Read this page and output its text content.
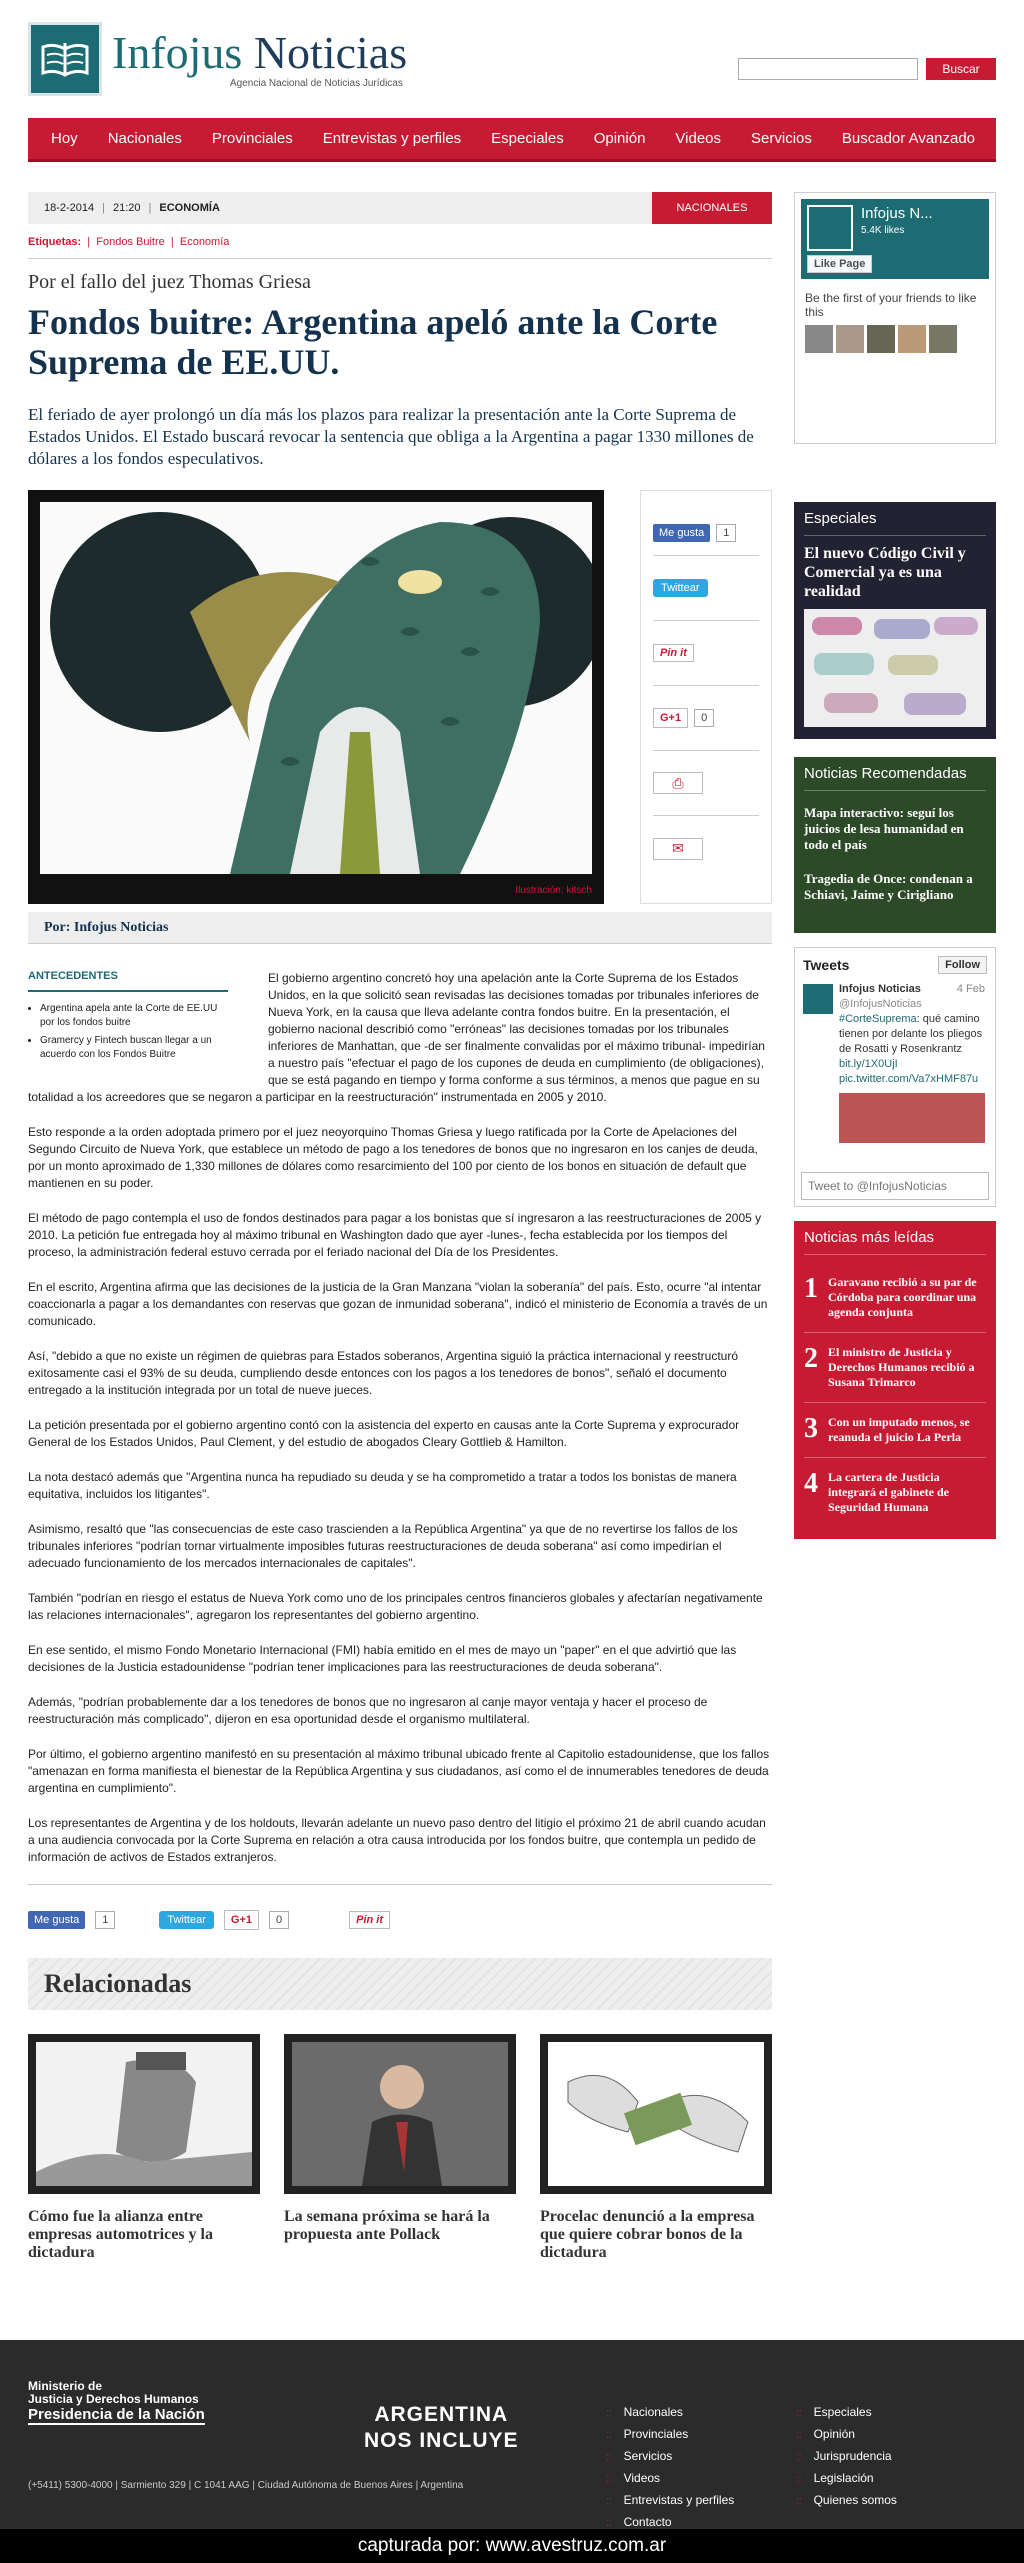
Infojus Noticias
Agencia Nacional de Noticias Jurídicas
Buscar
Hoy	Nacionales	Provinciales	Entrevistas y perfiles	Especiales	Opinión	Videos	Servicios	Buscador Avanzado
18-2-2014 | 21:20 | ECONOMÍA	NACIONALES
Etiquetas:  |  Fondos Buitre  |  Economía
Por el fallo del juez Thomas Griesa
Fondos buitre: Argentina apeló ante la Corte Suprema de EE.UU.
El feriado de ayer prolongó un día más los plazos para realizar la presentación ante la Corte Suprema de Estados Unidos. El Estado buscará revocar la sentencia que obliga a la Argentina a pagar 1330 millones de dólares a los fondos especulativos.
Ilustración: kitsch
Me gusta	1
Twittear
Pin it
G+1	0
⎙
✉
Por: Infojus Noticias
ANTECEDENTES
• Argentina apela ante la Corte de EE.UU por los fondos buitre
• Gramercy y Fintech buscan llegar a un acuerdo con los Fondos Buitre

El gobierno argentino concretó hoy una apelación ante la Corte Suprema de los Estados Unidos, en la que solicitó sean revisadas las decisiones tomadas por tribunales inferiores de Nueva York, en la causa que lleva adelante contra fondos buitre. En la presentación, el gobierno nacional describió como "erróneas" las decisiones tomadas por los tribunales inferiores de Manhattan, que -de ser finalmente convalidas por el máximo tribunal- impedirían a nuestro país "efectuar el pago de los cupones de deuda en cumplimiento (de obligaciones), que se está pagando en tiempo y forma conforme a sus términos, a menos que pague en su totalidad a los acreedores que se negaron a participar en la reestructuración" instrumentada en 2005 y 2010.

Esto responde a la orden adoptada primero por el juez neoyorquino Thomas Griesa y luego ratificada por la Corte de Apelaciones del Segundo Circuito de Nueva York, que establece un método de pago a los tenedores de bonos que no ingresaron en los canjes de deuda, por un monto aproximado de 1,330 millones de dólares como resarcimiento del 100 por ciento de los bonos en situación de default que mantienen en su poder.

El método de pago contempla el uso de fondos destinados para pagar a los bonistas que sí ingresaron a las reestructuraciones de 2005 y 2010. La petición fue entregada hoy al máximo tribunal en Washington dado que ayer -lunes-, fecha establecida por los tiempos del proceso, la administración federal estuvo cerrada por el feriado nacional del Día de los Presidentes.

En el escrito, Argentina afirma que las decisiones de la justicia de la Gran Manzana "violan la soberanía" del país. Esto, ocurre "al intentar coaccionarla a pagar a los demandantes con reservas que gozan de inmunidad soberana", indicó el ministerio de Economía a través de un comunicado.

Así, "debido a que no existe un régimen de quiebras para Estados soberanos, Argentina siguió la práctica internacional y reestructuró exitosamente casi el 93% de su deuda, cumpliendo desde entonces con los pagos a los tenedores de bonos", señaló el documento entregado a la institución integrada por un total de nueve jueces.

La petición presentada por el gobierno argentino contó con la asistencia del experto en causas ante la Corte Suprema y exprocurador General de los Estados Unidos, Paul Clement, y del estudio de abogados Cleary Gottlieb & Hamilton.

La nota destacó además que "Argentina nunca ha repudiado su deuda y se ha comprometido a tratar a todos los bonistas de manera equitativa, incluidos los litigantes".

Asimismo, resaltó que "las consecuencias de este caso trascienden a la República Argentina" ya que de no revertirse los fallos de los tribunales inferiores "podrían tornar virtualmente imposibles futuras reestructuraciones de deuda soberana" así como impedirían el adecuado funcionamiento de los mercados internacionales de capitales".

También "podrían en riesgo el estatus de Nueva York como uno de los principales centros financieros globales y afectarían negativamente las relaciones internacionales", agregaron los representantes del gobierno argentino.

En ese sentido, el mismo Fondo Monetario Internacional (FMI) había emitido en el mes de mayo un "paper" en el que advirtió que las decisiones de la Justicia estadounidense "podrían tener implicaciones para las reestructuraciones de deuda soberana".

Además, "podrían probablemente dar a los tenedores de bonos que no ingresaron al canje mayor ventaja y hacer el proceso de reestructuración más complicado", dijeron en esa oportunidad desde el organismo multilateral.

Por último, el gobierno argentino manifestó en su presentación al máximo tribunal ubicado frente al Capitolio estadounidense, que los fallos "amenazan en forma manifiesta el bienestar de la República Argentina y sus ciudadanos, así como el de innumerables tenedores de deuda argentina en cumplimiento".

Los representantes de Argentina y de los holdouts, llevarán adelante un nuevo paso dentro del litigio el próximo 21 de abril cuando acudan a una audiencia convocada por la Corte Suprema en relación a otra causa introducida por los fondos buitre, que contempla un pedido de información de activos de Estados extranjeros.

Me gusta	1	Twittear	G+1	0	Pin it
Relacionadas
Cómo fue la alianza entre empresas automotrices y la dictadura
La semana próxima se hará la propuesta ante Pollack
Procelac denunció a la empresa que quiere cobrar bonos de la dictadura
Infojus N...
5.4K likes
Like Page
Be the first of your friends to like this
Especiales
El nuevo Código Civil y Comercial ya es una realidad
Noticias Recomendadas
Mapa interactivo: seguí los juicios de lesa humanidad en todo el país
Tragedia de Once: condenan a Schiavi, Jaime y Cirigliano
Tweets	Follow
Infojus Noticias	4 Feb
@InfojusNoticias
#CorteSuprema: qué camino tienen por delante los pliegos de Rosatti y Rosenkrantz bit.ly/1X0UjI pic.twitter.com/Va7xHMF87u
Tweet to @InfojusNoticias
Noticias más leídas
1 Garavano recibió a su par de Córdoba para coordinar una agenda conjunta
2 El ministro de Justicia y Derechos Humanos recibió a Susana Trimarco
3 Con un imputado menos, se reanuda el juicio La Perla
4 La cartera de Justicia integrará el gabinete de Seguridad Humana
Ministerio de
Justicia y Derechos Humanos
Presidencia de la Nación
(+5411) 5300-4000 | Sarmiento 329 | C 1041 AAG | Ciudad Autónoma de Buenos Aires | Argentina
ARGENTINA
NOS INCLUYE
:: Nacionales
:: Provinciales
:: Servicios
:: Videos
:: Entrevistas y perfiles
:: Contacto
:: Especiales
:: Opinión
:: Jurisprudencia
:: Legislación
:: Quienes somos
capturada por: www.avestruz.com.ar
